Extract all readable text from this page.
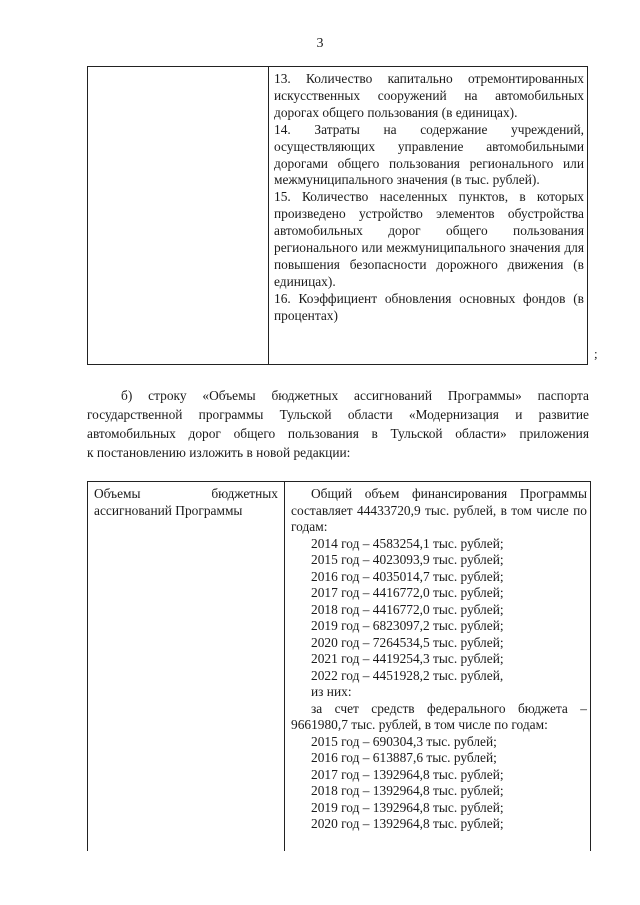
3
13. Количество капитально отремонтированных искусственных сооружений на автомобильных дорогах общего пользования (в единицах).
14. Затраты на содержание учреждений, осуществляющих управление автомобильными дорогами общего пользования регионального или межмуниципального значения (в тыс. рублей).
15. Количество населенных пунктов, в которых произведено устройство элементов обустройства автомобильных дорог общего пользования регионального или межмуниципального значения для повышения безопасности дорожного движения (в единицах).
16. Коэффициент обновления основных фондов (в процентах)
;
б) строку «Объемы бюджетных ассигнований Программы» паспорта
государственной программы Тульской области «Модернизация и развитие
автомобильных дорог общего пользования в Тульской области» приложения
к постановлению изложить в новой редакции:
Объемы бюджетных
ассигнований Программы
Общий объем финансирования Программы составляет 44433720,9 тыс. рублей, в том числе по годам:
2014 год – 4583254,1 тыс. рублей;
2015 год – 4023093,9 тыс. рублей;
2016 год – 4035014,7 тыс. рублей;
2017 год – 4416772,0 тыс. рублей;
2018 год – 4416772,0 тыс. рублей;
2019 год – 6823097,2 тыс. рублей;
2020 год – 7264534,5 тыс. рублей;
2021 год – 4419254,3 тыс. рублей;
2022 год – 4451928,2 тыс. рублей,
из них:
за счет средств федерального бюджета – 9661980,7 тыс. рублей, в том числе по годам:
2015 год – 690304,3 тыс. рублей;
2016 год – 613887,6 тыс. рублей;
2017 год – 1392964,8 тыс. рублей;
2018 год – 1392964,8 тыс. рублей;
2019 год – 1392964,8 тыс. рублей;
2020 год – 1392964,8 тыс. рублей;
